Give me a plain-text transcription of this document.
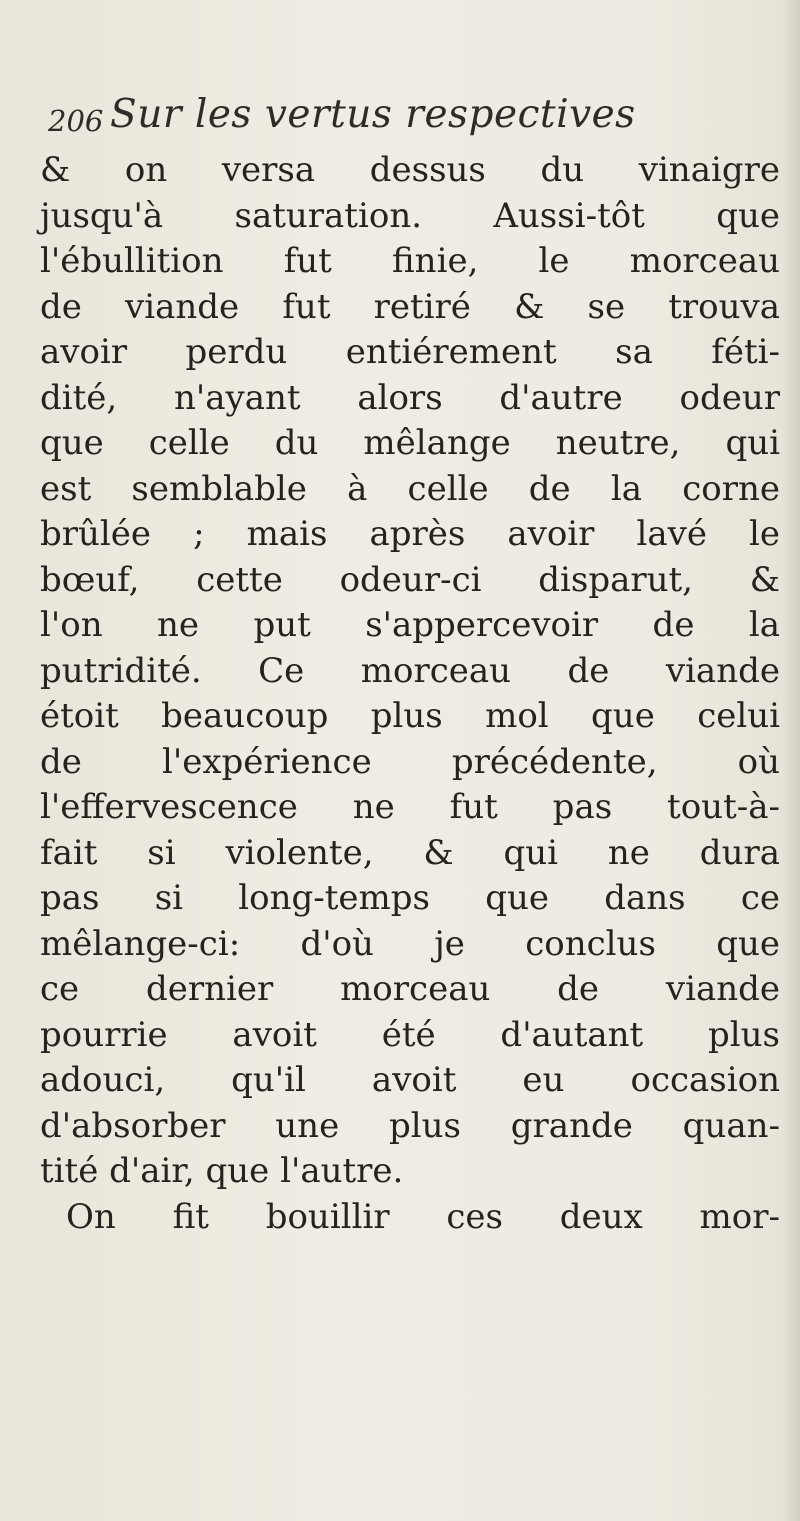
206 Sur les vertus respectives
& on versa dessus du vinaigre
jusqu'à saturation. Aussi-tôt que
l'ébullition fut finie, le morceau
de viande fut retiré & se trouva
avoir perdu entiérement sa féti-
dité, n'ayant alors d'autre odeur
que celle du mêlange neutre, qui
est semblable à celle de la corne
brûlée ; mais après avoir lavé le
bœuf, cette odeur-ci disparut, &
l'on ne put s'appercevoir de la
putridité. Ce morceau de viande
étoit beaucoup plus mol que celui
de l'expérience précédente, où
l'effervescence ne fut pas tout-à-
fait si violente, & qui ne dura
pas si long-temps que dans ce
mêlange-ci: d'où je conclus que
ce dernier morceau de viande
pourrie avoit été d'autant plus
adouci, qu'il avoit eu occasion
d'absorber une plus grande quan-
tité d'air, que l'autre.
On fit bouillir ces deux mor-
